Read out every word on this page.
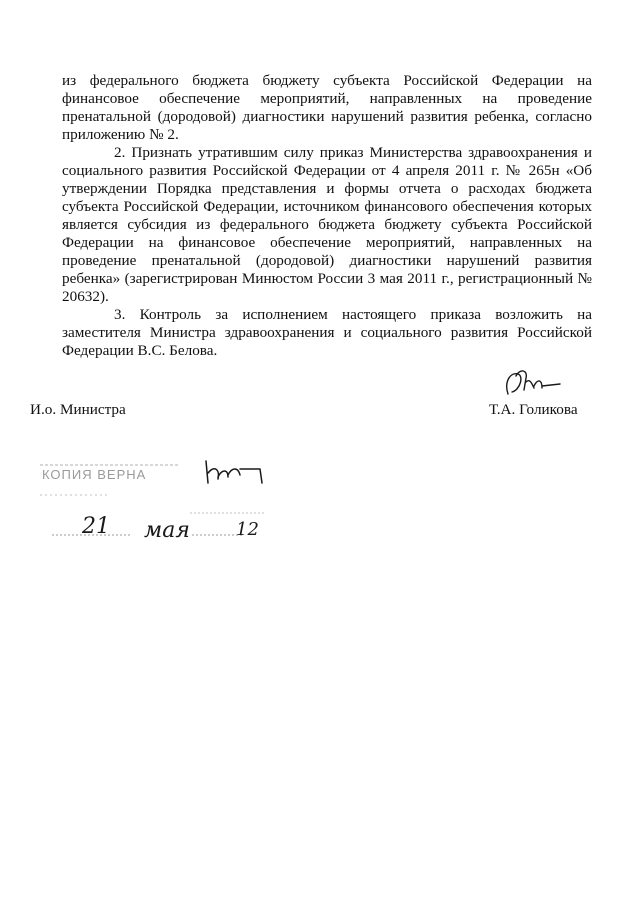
из федерального бюджета бюджету субъекта Российской Федерации на финансовое обеспечение мероприятий, направленных на проведение пренатальной (дородовой) диагностики нарушений развития ребенка, согласно приложению № 2.

2. Признать утратившим силу приказ Министерства здравоохранения и социального развития Российской Федерации от 4 апреля 2011 г. № 265н «Об утверждении Порядка представления и формы отчета о расходах бюджета субъекта Российской Федерации, источником финансового обеспечения которых является субсидия из федерального бюджета бюджету субъекта Российской Федерации на финансовое обеспечение мероприятий, направленных на проведение пренатальной (дородовой) диагностики нарушений развития ребенка» (зарегистрирован Минюстом России 3 мая 2011 г., регистрационный № 20632).

3. Контроль за исполнением настоящего приказа возложить на заместителя Министра здравоохранения и социального развития Российской Федерации В.С. Белова.

И.о. Министра	Т.А. Голикова
КОПИЯ ВЕРНА
21 мая	12
